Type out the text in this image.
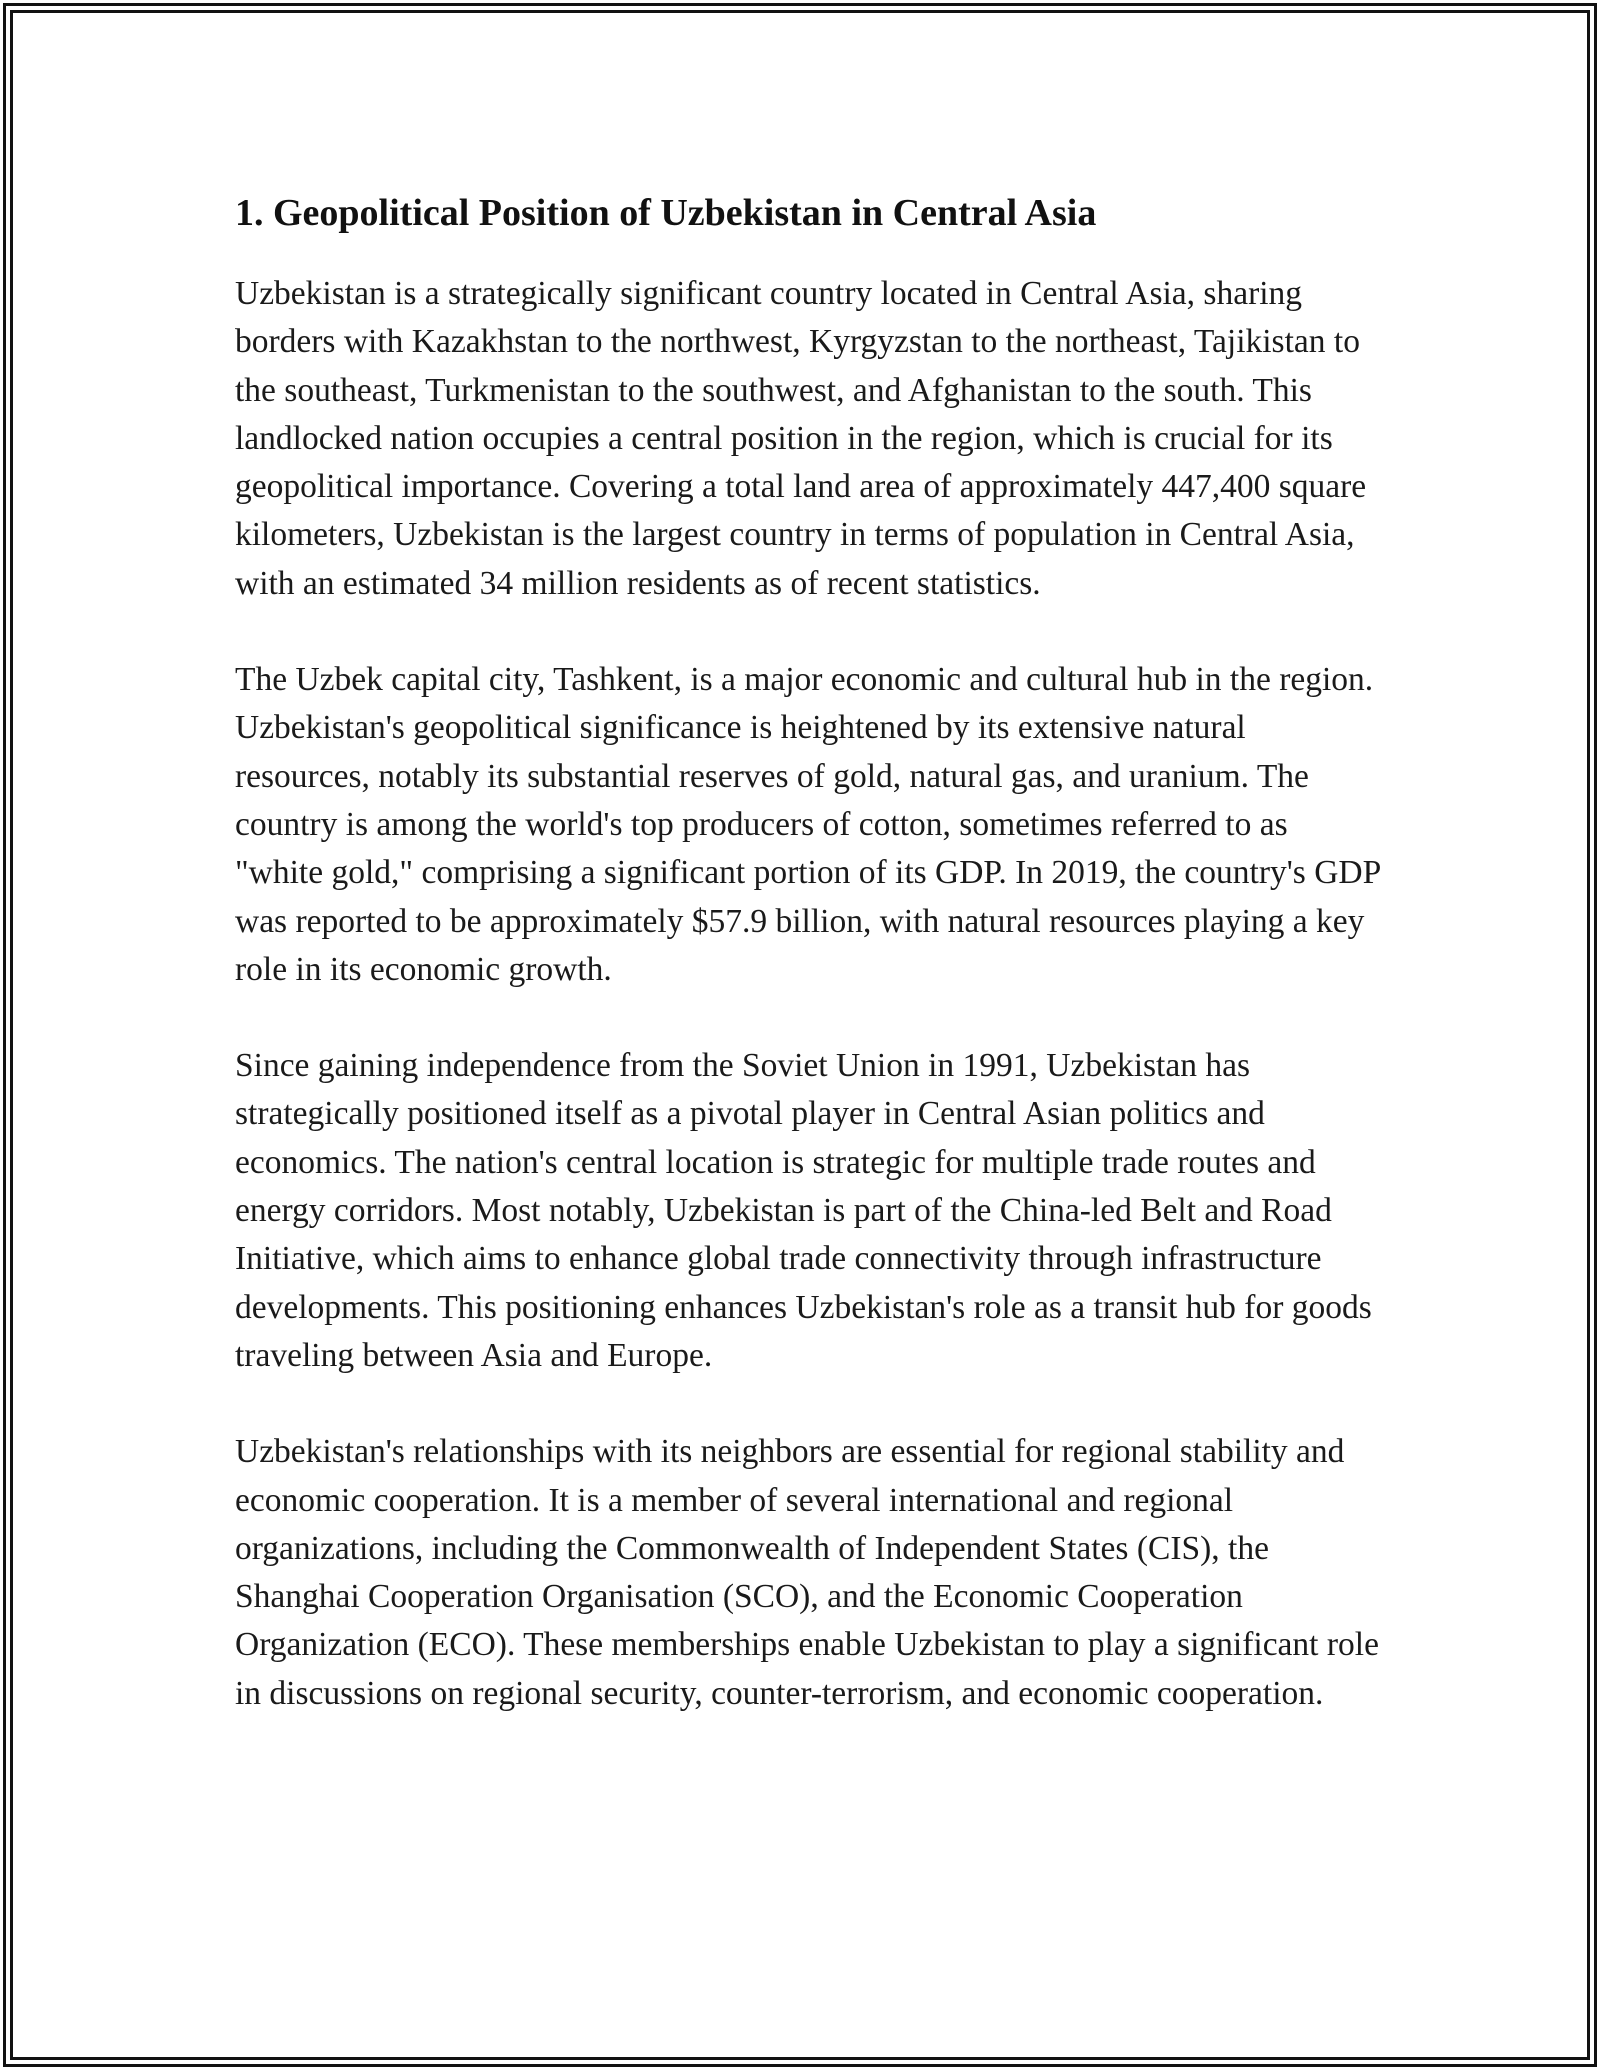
1. Geopolitical Position of Uzbekistan in Central Asia

Uzbekistan is a strategically significant country located in Central Asia, sharing borders with Kazakhstan to the northwest, Kyrgyzstan to the northeast, Tajikistan to the southeast, Turkmenistan to the southwest, and Afghanistan to the south. This landlocked nation occupies a central position in the region, which is crucial for its geopolitical importance. Covering a total land area of approximately 447,400 square kilometers, Uzbekistan is the largest country in terms of population in Central Asia, with an estimated 34 million residents as of recent statistics.

The Uzbek capital city, Tashkent, is a major economic and cultural hub in the region. Uzbekistan's geopolitical significance is heightened by its extensive natural resources, notably its substantial reserves of gold, natural gas, and uranium. The country is among the world's top producers of cotton, sometimes referred to as "white gold," comprising a significant portion of its GDP. In 2019, the country's GDP was reported to be approximately $57.9 billion, with natural resources playing a key role in its economic growth.

Since gaining independence from the Soviet Union in 1991, Uzbekistan has strategically positioned itself as a pivotal player in Central Asian politics and economics. The nation's central location is strategic for multiple trade routes and energy corridors. Most notably, Uzbekistan is part of the China-led Belt and Road Initiative, which aims to enhance global trade connectivity through infrastructure developments. This positioning enhances Uzbekistan's role as a transit hub for goods traveling between Asia and Europe.

Uzbekistan's relationships with its neighbors are essential for regional stability and economic cooperation. It is a member of several international and regional organizations, including the Commonwealth of Independent States (CIS), the Shanghai Cooperation Organisation (SCO), and the Economic Cooperation Organization (ECO). These memberships enable Uzbekistan to play a significant role in discussions on regional security, counter-terrorism, and economic cooperation.
